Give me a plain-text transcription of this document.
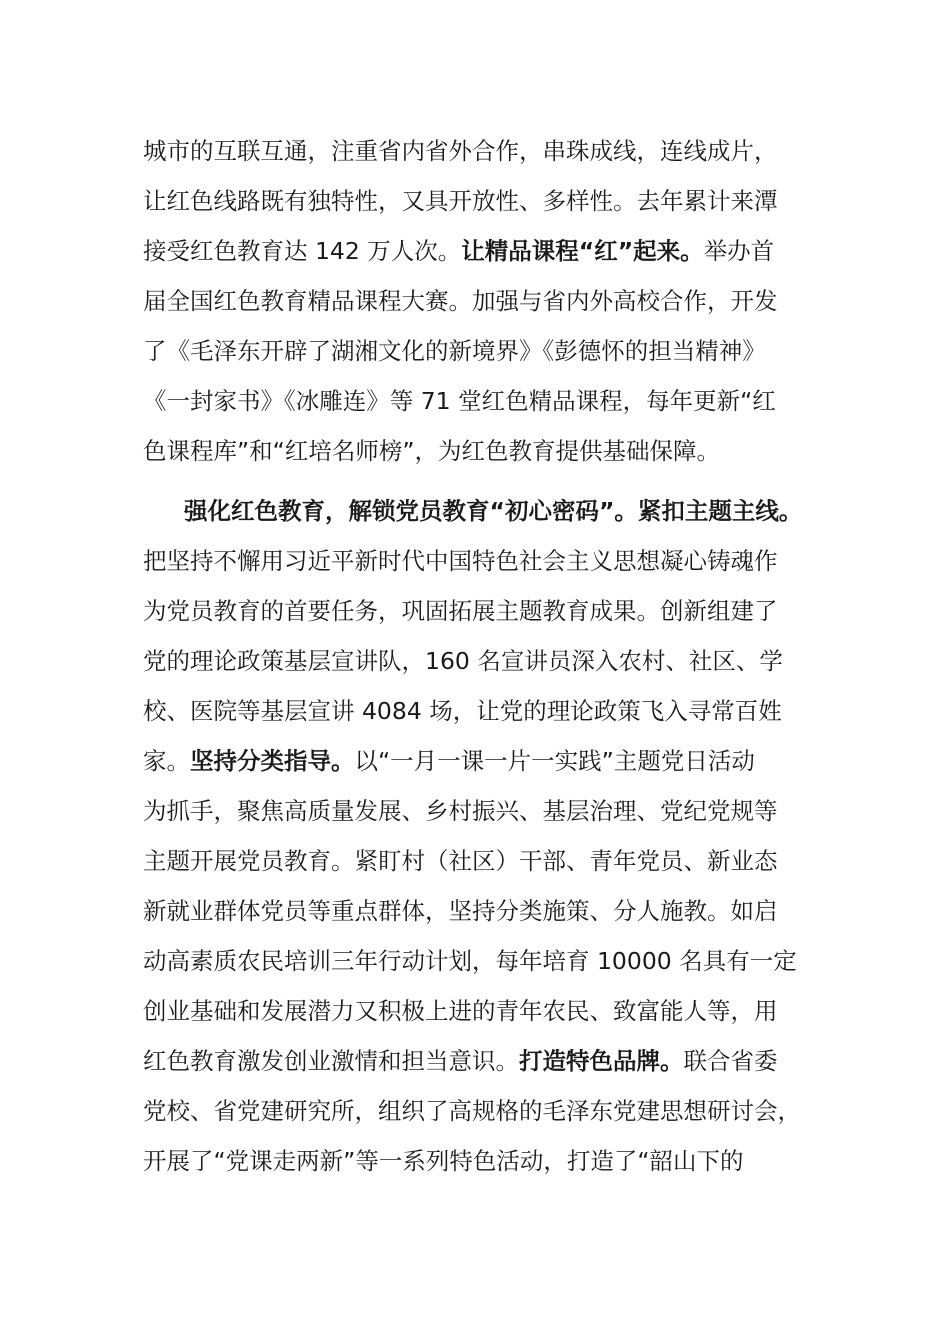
城市的互联互通，注重省内省外合作，串珠成线，连线成片，
让红色线路既有独特性，又具开放性、多样性。去年累计来潭
接受红色教育达 142 万人次。让精品课程“红”起来。举办首
届全国红色教育精品课程大赛。加强与省内外高校合作，开发
了《毛泽东开辟了湖湘文化的新境界》《彭德怀的担当精神》
《一封家书》《冰雕连》等 71 堂红色精品课程，每年更新“红
色课程库”和“红培名师榜”，为红色教育提供基础保障。

强化红色教育，解锁党员教育“初心密码”。紧扣主题主线。
把坚持不懈用习近平新时代中国特色社会主义思想凝心铸魂作
为党员教育的首要任务，巩固拓展主题教育成果。创新组建了
党的理论政策基层宣讲队，160 名宣讲员深入农村、社区、学
校、医院等基层宣讲 4084 场，让党的理论政策飞入寻常百姓
家。坚持分类指导。以“一月一课一片一实践”主题党日活动
为抓手，聚焦高质量发展、乡村振兴、基层治理、党纪党规等
主题开展党员教育。紧盯村（社区）干部、青年党员、新业态
新就业群体党员等重点群体，坚持分类施策、分人施教。如启
动高素质农民培训三年行动计划，每年培育 10000 名具有一定
创业基础和发展潜力又积极上进的青年农民、致富能人等，用
红色教育激发创业激情和担当意识。打造特色品牌。联合省委
党校、省党建研究所，组织了高规格的毛泽东党建思想研讨会，
开展了“党课走两新”等一系列特色活动，打造了“韶山下的
